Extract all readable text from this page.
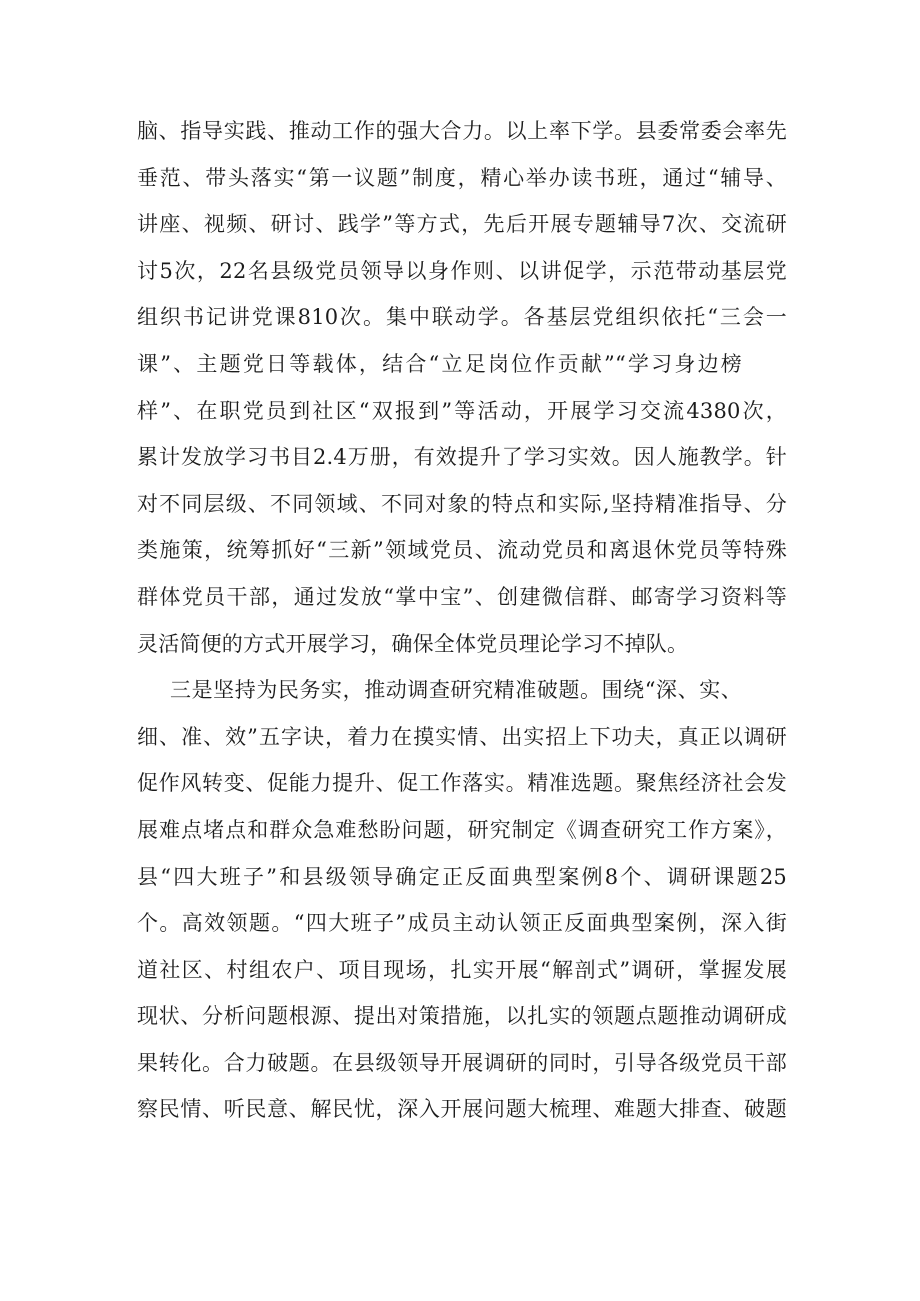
脑、指导实践、推动工作的强大合力。以上率下学。县委常委会率先
垂范、带头落实“第一议题”制度，精心举办读书班，通过“辅导、
讲座、视频、研讨、践学”等方式，先后开展专题辅导7次、交流研
讨5次，22名县级党员领导以身作则、以讲促学，示范带动基层党
组织书记讲党课810次。集中联动学。各基层党组织依托“三会一
课”、主题党日等载体，结合“立足岗位作贡献”“学习身边榜
样”、在职党员到社区“双报到”等活动，开展学习交流4380次，
累计发放学习书目2.4万册，有效提升了学习实效。因人施教学。针
对不同层级、不同领域、不同对象的特点和实际,坚持精准指导、分
类施策，统筹抓好“三新”领域党员、流动党员和离退休党员等特殊
群体党员干部，通过发放“掌中宝”、创建微信群、邮寄学习资料等
灵活简便的方式开展学习，确保全体党员理论学习不掉队。
三是坚持为民务实，推动调查研究精准破题。围绕“深、实、
细、准、效”五字诀，着力在摸实情、出实招上下功夫，真正以调研
促作风转变、促能力提升、促工作落实。精准选题。聚焦经济社会发
展难点堵点和群众急难愁盼问题，研究制定《调查研究工作方案》，
县“四大班子”和县级领导确定正反面典型案例8个、调研课题25
个。高效领题。“四大班子”成员主动认领正反面典型案例，深入街
道社区、村组农户、项目现场，扎实开展“解剖式”调研，掌握发展
现状、分析问题根源、提出对策措施，以扎实的领题点题推动调研成
果转化。合力破题。在县级领导开展调研的同时，引导各级党员干部
察民情、听民意、解民忧，深入开展问题大梳理、难题大排查、破题
